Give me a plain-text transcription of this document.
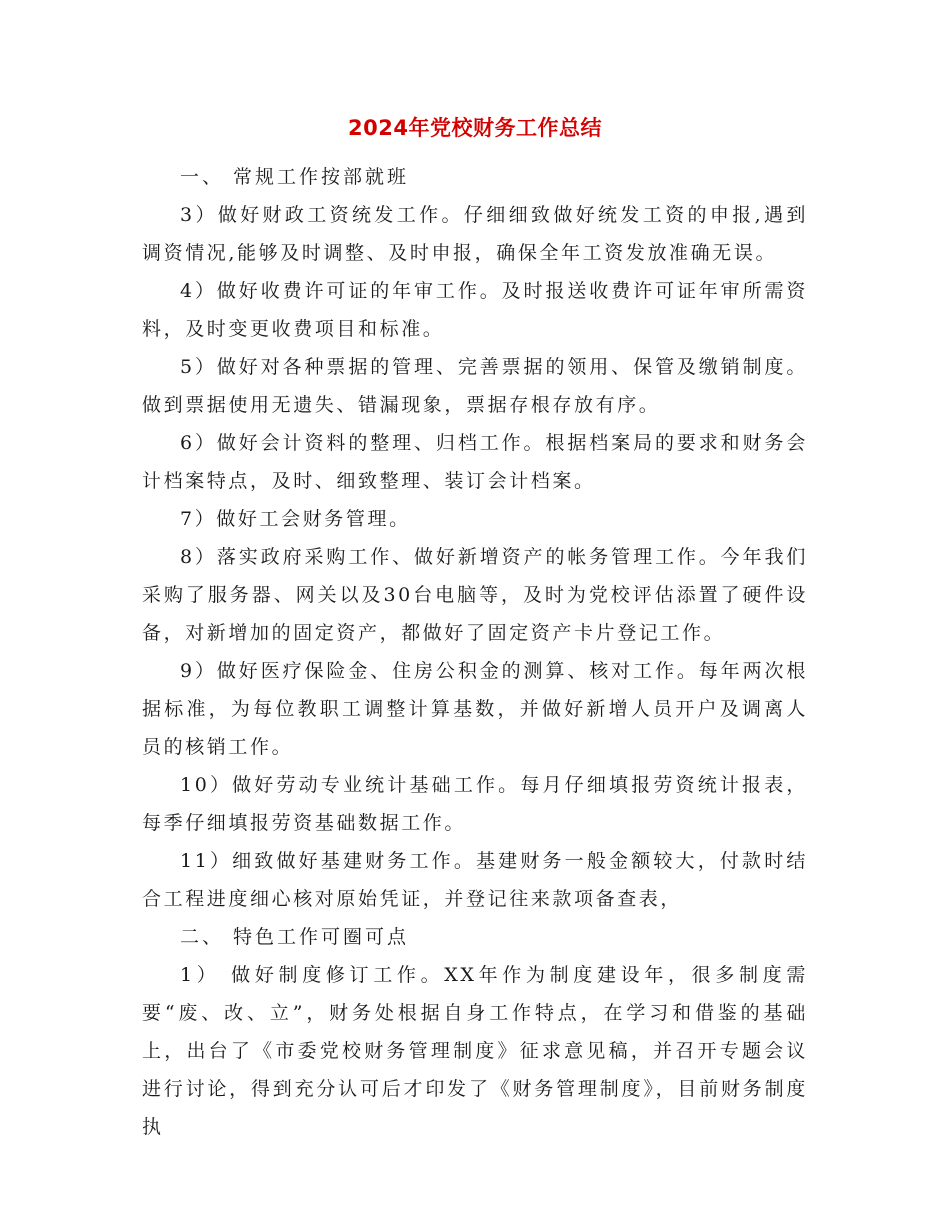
2024年党校财务工作总结

一、 常规工作按部就班

3）做好财政工资统发工作。仔细细致做好统发工资的申报,遇到调资情况,能够及时调整、及时申报，确保全年工资发放准确无误。

4）做好收费许可证的年审工作。及时报送收费许可证年审所需资料，及时变更收费项目和标准。

5）做好对各种票据的管理、完善票据的领用、保管及缴销制度。做到票据使用无遗失、错漏现象，票据存根存放有序。

6）做好会计资料的整理、归档工作。根据档案局的要求和财务会计档案特点，及时、细致整理、装订会计档案。

7）做好工会财务管理。

8）落实政府采购工作、做好新增资产的帐务管理工作。今年我们采购了服务器、网关以及30台电脑等，及时为党校评估添置了硬件设备，对新增加的固定资产，都做好了固定资产卡片登记工作。

9）做好医疗保险金、住房公积金的测算、核对工作。每年两次根据标准，为每位教职工调整计算基数，并做好新增人员开户及调离人员的核销工作。

10）做好劳动专业统计基础工作。每月仔细填报劳资统计报表，每季仔细填报劳资基础数据工作。

11）细致做好基建财务工作。基建财务一般金额较大，付款时结合工程进度细心核对原始凭证，并登记往来款项备查表，

二、 特色工作可圈可点

1） 做好制度修订工作。XX年作为制度建设年，很多制度需要“废、改、立”，财务处根据自身工作特点，在学习和借鉴的基础上，出台了《市委党校财务管理制度》征求意见稿，并召开专题会议进行讨论，得到充分认可后才印发了《财务管理制度》，目前财务制度执
